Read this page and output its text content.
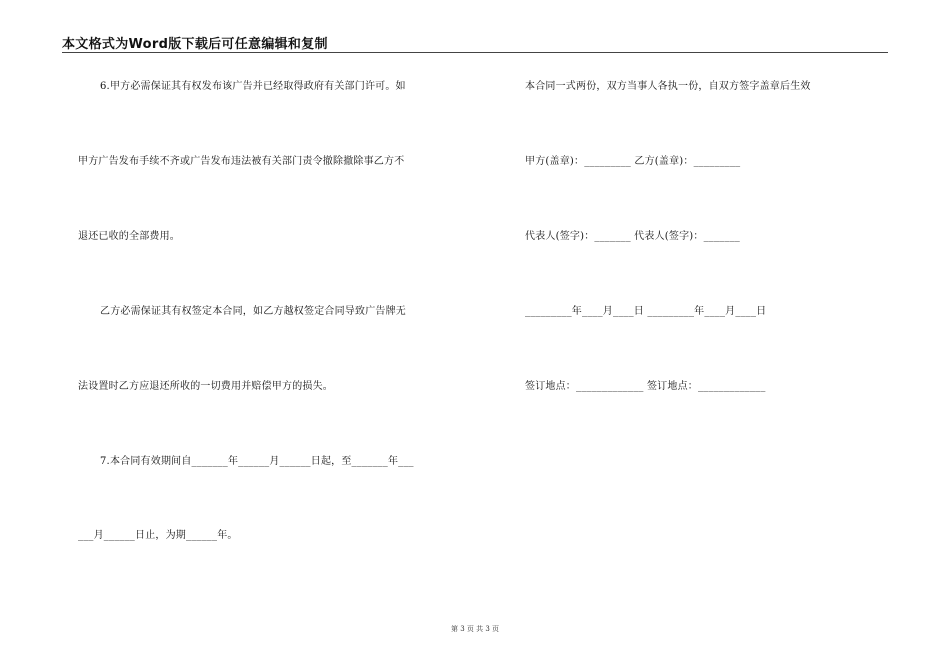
本文格式为Word版下载后可任意编辑和复制
6.甲方必需保证其有权发布该广告并已经取得政府有关部门许可。如
甲方广告发布手续不齐或广告发布违法被有关部门责令撤除撤除事乙方不
退还已收的全部费用。
乙方必需保证其有权签定本合同，如乙方越权签定合同导致广告牌无
法设置时乙方应退还所收的一切费用并赔偿甲方的损失。
7.本合同有效期间自_______年______月______日起，至_______年___
___月______日止，为期______年。
本合同一式两份，双方当事人各执一份，自双方签字盖章后生效
甲方(盖章)：_________ 乙方(盖章)：_________
代表人(签字)：_______ 代表人(签字)：_______
_________年____月____日 _________年____月____日
签订地点：_____________ 签订地点：_____________
第 3 页 共 3 页
